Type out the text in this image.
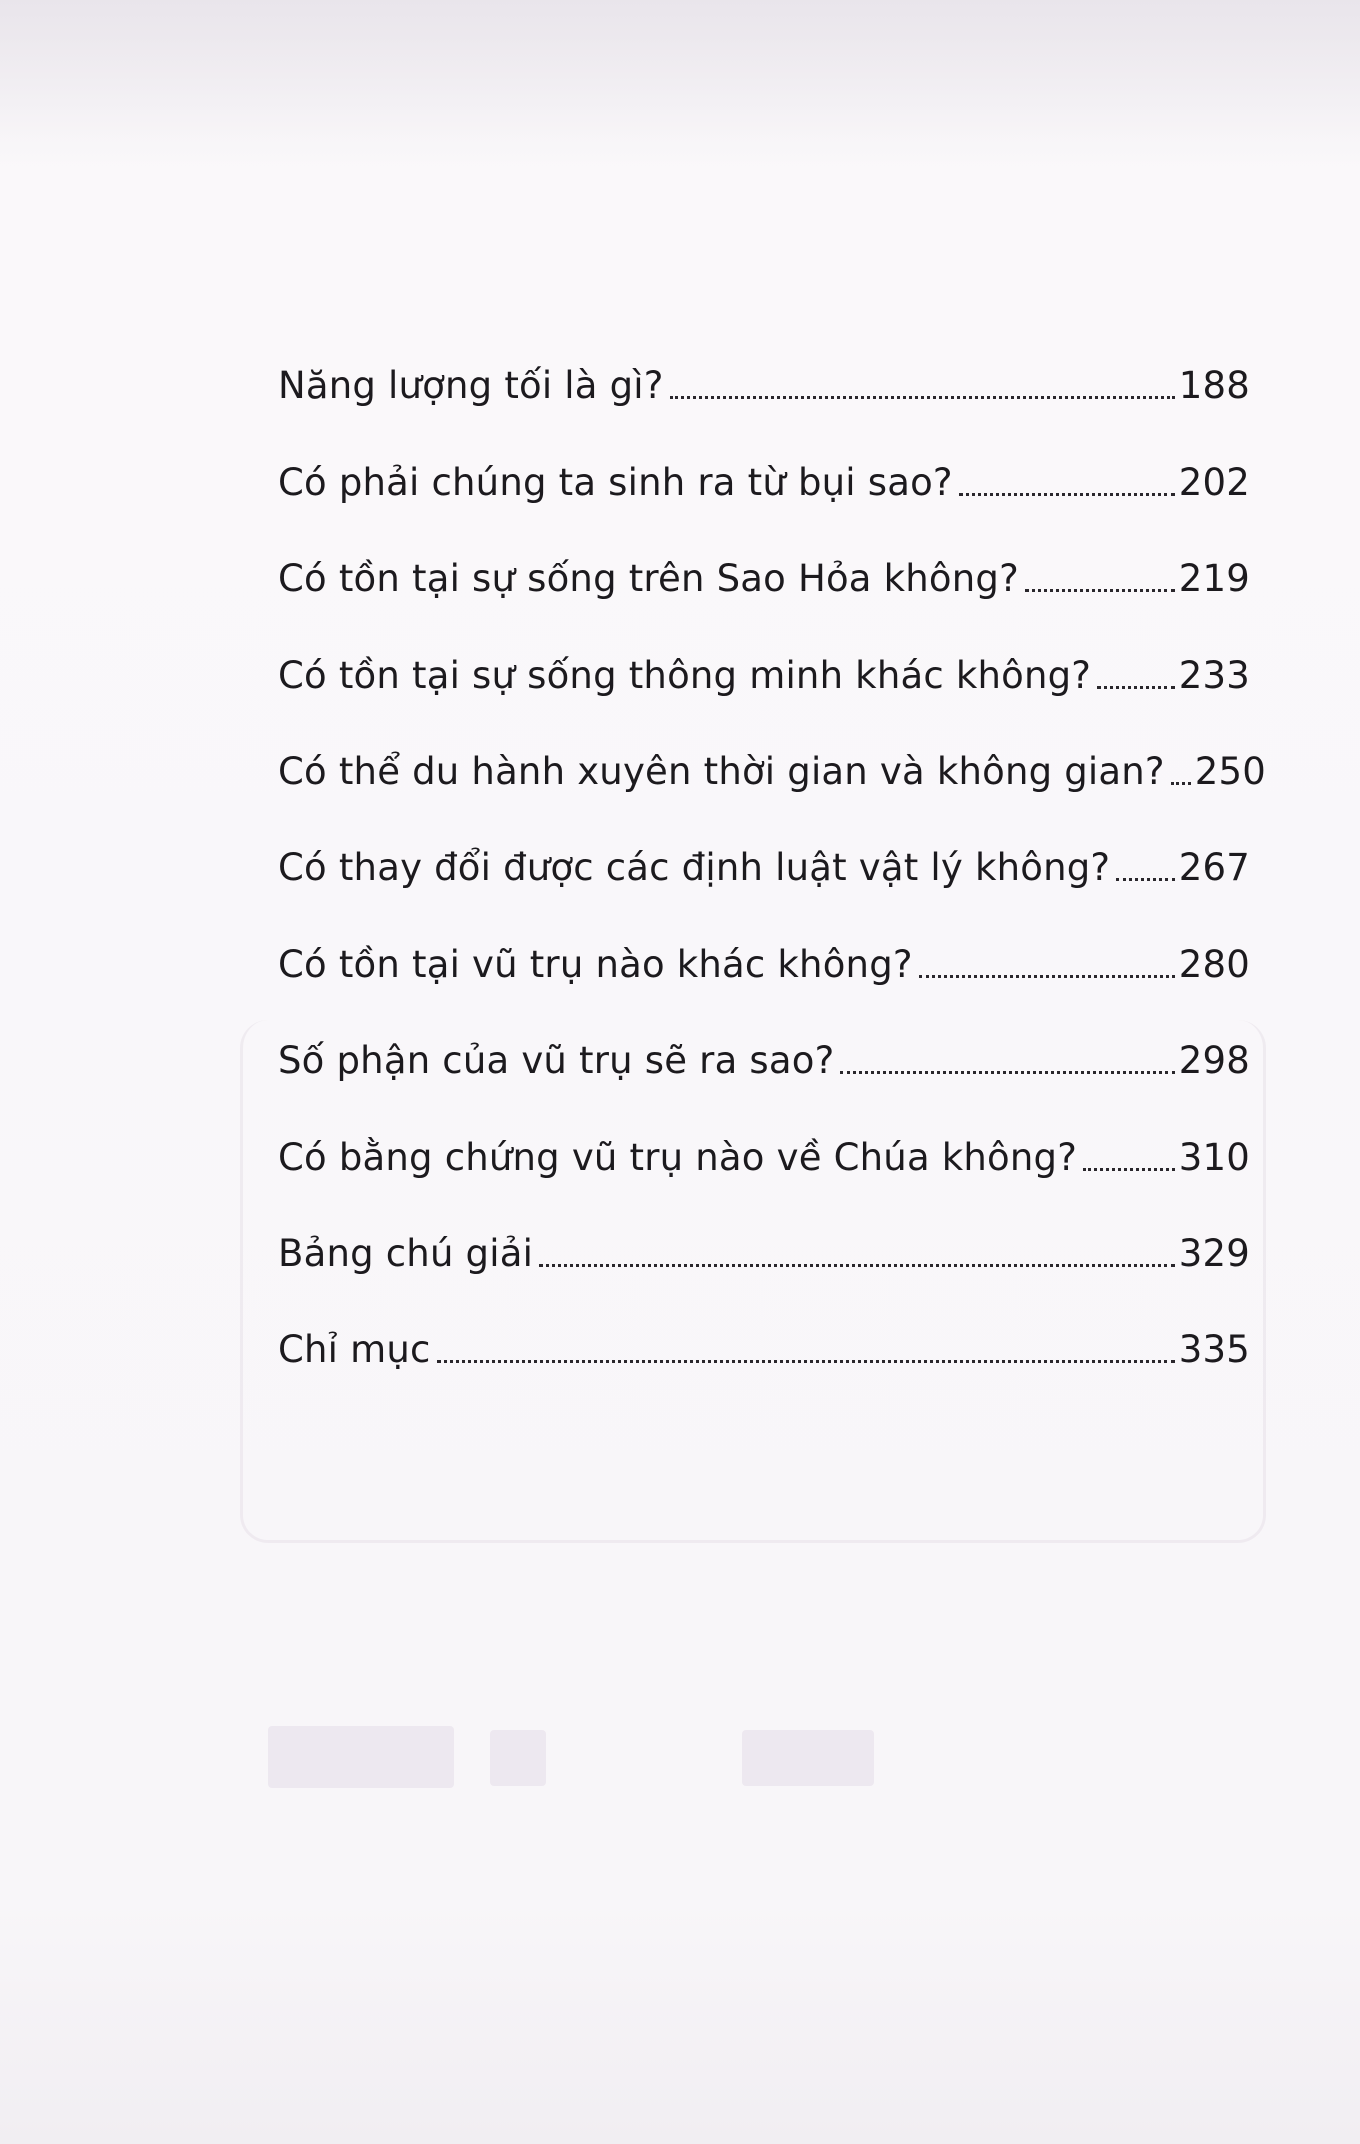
Năng lượng tối là gì?	188
Có phải chúng ta sinh ra từ bụi sao?	202
Có tồn tại sự sống trên Sao Hỏa không?	219
Có tồn tại sự sống thông minh khác không? 233
Có thể du hành xuyên thời gian và không gian? 250
Có thay đổi được các định luật vật lý không? 267
Có tồn tại vũ trụ nào khác không?	280
Số phận của vũ trụ sẽ ra sao?	298
Có bằng chứng vũ trụ nào về Chúa không?	310
Bảng chú giải	329
Chỉ mục	335
